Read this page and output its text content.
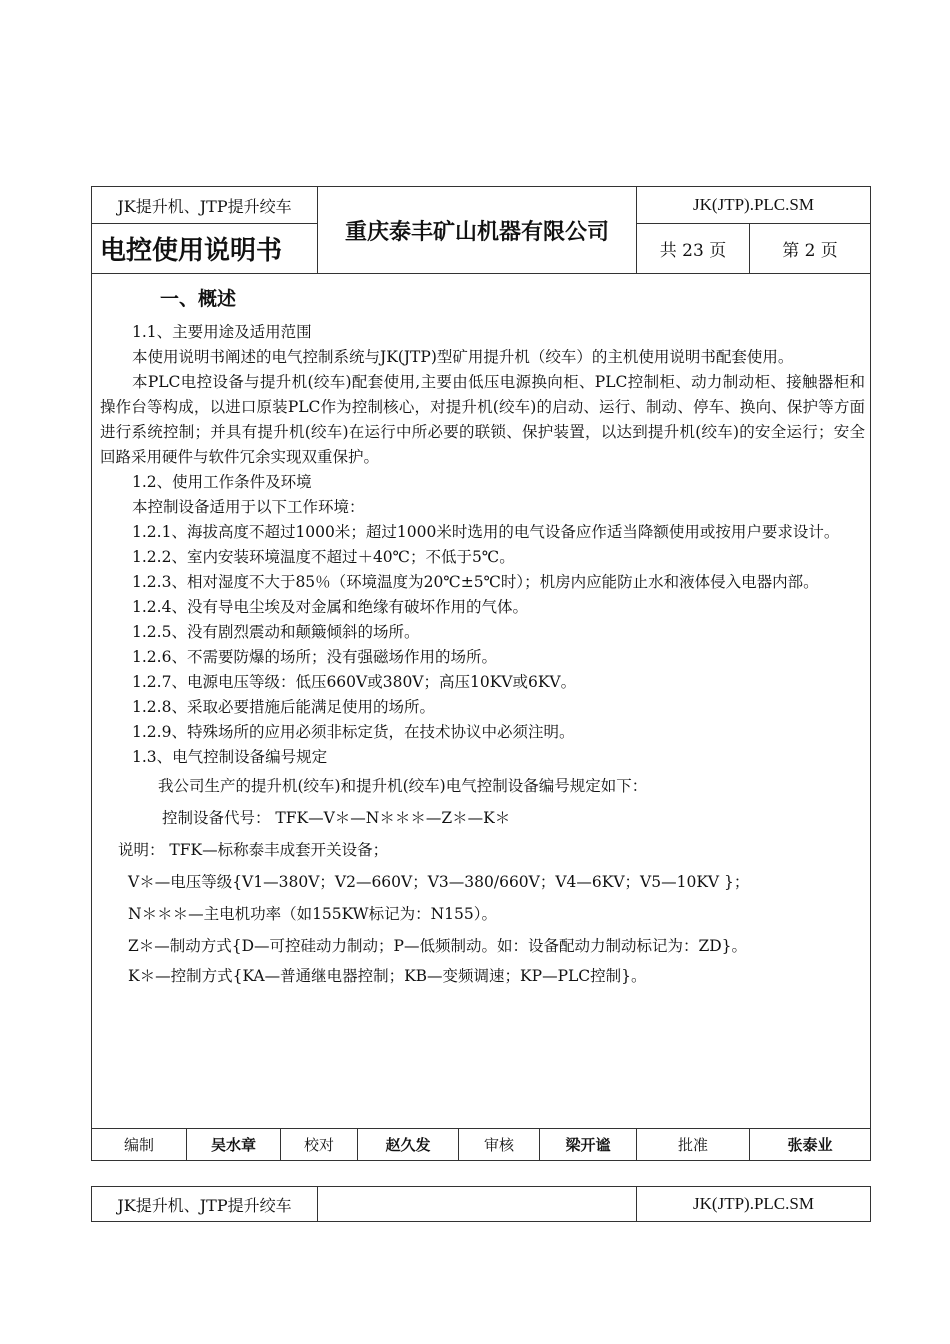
JK提升机、JTP提升绞车
电控使用说明书
重庆泰丰矿山机器有限公司
JK(JTP).PLC.SM
共 23 页	第 2 页
一、概述

1.1、主要用途及适用范围

本使用说明书阐述的电气控制系统与JK(JTP)型矿用提升机（绞车）的主机使用说明书配套使用。

本PLC电控设备与提升机(绞车)配套使用,主要由低压电源换向柜、PLC控制柜、动力制动柜、接触器柜和操作台等构成，以进口原装PLC作为控制核心，对提升机(绞车)的启动、运行、制动、停车、换向、保护等方面进行系统控制；并具有提升机(绞车)在运行中所必要的联锁、保护装置，以达到提升机(绞车)的安全运行；安全回路采用硬件与软件冗余实现双重保护。

1.2、使用工作条件及环境

本控制设备适用于以下工作环境：

1.2.1、海拔高度不超过1000米；超过1000米时选用的电气设备应作适当降额使用或按用户要求设计。

1.2.2、室内安装环境温度不超过＋40℃；不低于5℃。

1.2.3、相对湿度不大于85％（环境温度为20℃±5℃时）；机房内应能防止水和液体侵入电器内部。

1.2.4、没有导电尘埃及对金属和绝缘有破坏作用的气体。

1.2.5、没有剧烈震动和颠簸倾斜的场所。

1.2.6、不需要防爆的场所；没有强磁场作用的场所。

1.2.7、电源电压等级：低压660V或380V；高压10KV或6KV。

1.2.8、采取必要措施后能满足使用的场所。

1.2.9、特殊场所的应用必须非标定货，在技术协议中必须注明。

1.3、电气控制设备编号规定

我公司生产的提升机(绞车)和提升机(绞车)电气控制设备编号规定如下：

控制设备代号： TFK—V＊—N＊＊＊—Z＊—K＊

说明： TFK—标称泰丰成套开关设备；

V＊—电压等级{V1—380V；V2—660V；V3—380/660V；V4—6KV；V5—10KV }；

N＊＊＊—主电机功率（如155KW标记为：N155）。

Z＊—制动方式{D—可控硅动力制动；P—低频制动。如：设备配动力制动标记为：ZD}。

K＊—控制方式{KA—普通继电器控制；KB—变频调速；KP—PLC控制}。

编制	吴水章	校对	赵久发	审核	梁开谧	批准	张泰业
JK提升机、JTP提升绞车	JK(JTP).PLC.SM
